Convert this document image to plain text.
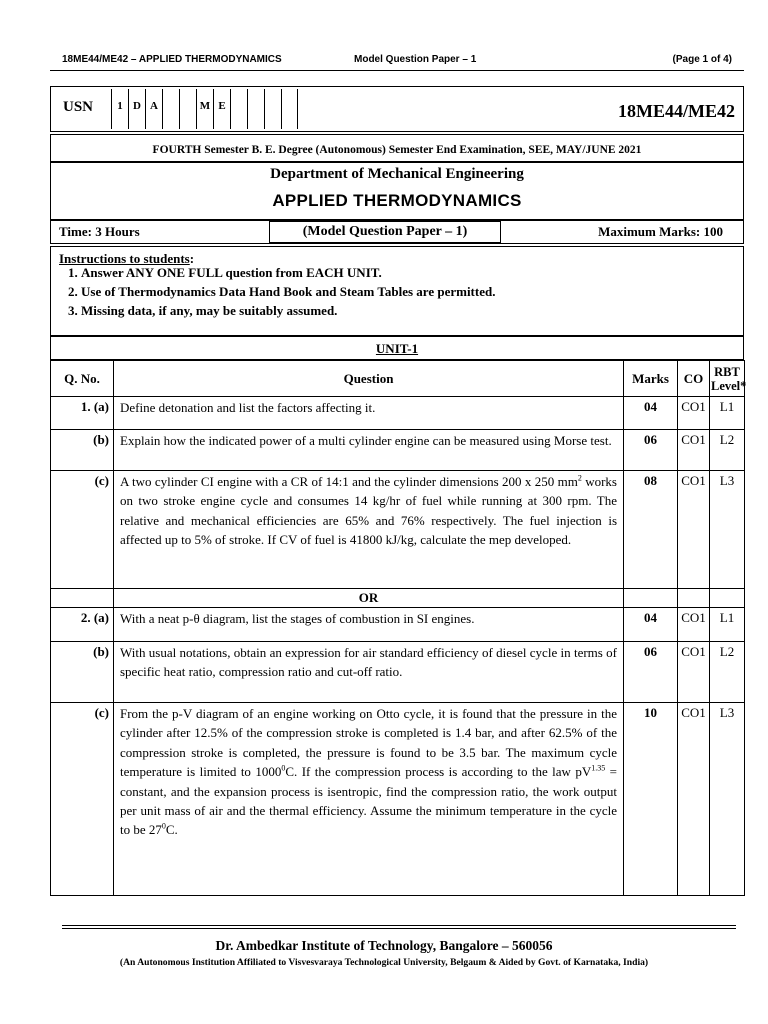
18ME44/ME42 – APPLIED THERMODYNAMICS	Model Question Paper – 1	(Page 1 of 4)
USN	1 D A	M E	18ME44/ME42
FOURTH Semester B. E. Degree (Autonomous) Semester End Examination, SEE, MAY/JUNE 2021
Department of Mechanical Engineering
APPLIED THERMODYNAMICS
Time: 3 Hours	(Model Question Paper – 1)	Maximum Marks: 100
Instructions to students:
1. Answer ANY ONE FULL question from EACH UNIT.
2. Use of Thermodynamics Data Hand Book and Steam Tables are permitted.
3. Missing data, if any, may be suitably assumed.
UNIT-1
Q. No.	Question	Marks	CO	RBT Level*
1. (a)	Define detonation and list the factors affecting it.	04	CO1	L1
(b)	Explain how the indicated power of a multi cylinder engine can be measured using Morse test.	06	CO1	L2
(c)	A two cylinder CI engine with a CR of 14:1 and the cylinder dimensions 200 x 250 $mm^2$ works on two stroke engine cycle and consumes 14 kg/hr of fuel while running at 300 rpm. The relative and mechanical efficiencies are 65% and 76% respectively. The fuel injection is affected up to 5% of stroke. If CV of fuel is 41800 kJ/kg, calculate the mep developed.	08	CO1	L3
	OR			
2. (a)	With a neat p-θ diagram, list the stages of combustion in SI engines.	04	CO1	L1
(b)	With usual notations, obtain an expression for air standard efficiency of diesel cycle in terms of specific heat ratio, compression ratio and cut-off ratio.	06	CO1	L2
(c)	From the p-V diagram of an engine working on Otto cycle, it is found that the pressure in the cylinder after 12.5% of the compression stroke is completed is 1.4 bar, and after 62.5% of the compression stroke is completed, the pressure is found to be 3.5 bar. The maximum cycle temperature is limited to 1000$^0$C. If the compression process is according to the law $pV^{1.35}$ = constant, and the expansion process is isentropic, find the compression ratio, the work output per unit mass of air and the thermal efficiency. Assume the minimum temperature in the cycle to be $27^0C$.	10	CO1	L3
Dr. Ambedkar Institute of Technology, Bangalore – 560056
(An Autonomous Institution Affiliated to Visvesvaraya Technological University, Belgaum & Aided by Govt. of Karnataka, India)
